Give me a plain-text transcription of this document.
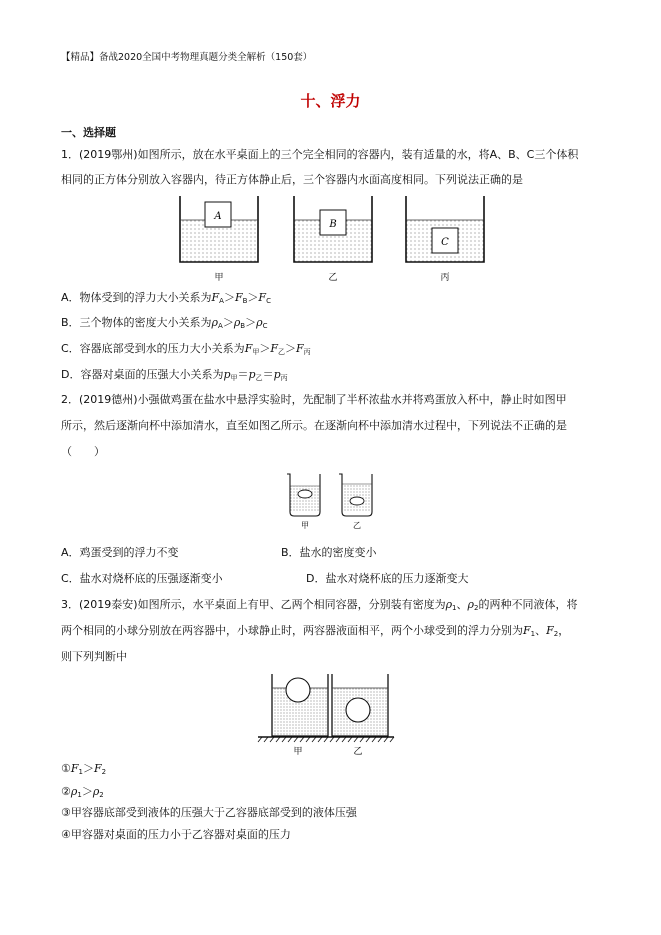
【精品】备战2020全国中考物理真题分类全解析（150套）
十、浮力
一、选择题
1．(2019鄂州)如图所示，放在水平桌面上的三个完全相同的容器内，装有适量的水，将A、B、C三个体积
相同的正方体分别放入容器内，待正方体静止后，三个容器内水面高度相同。下列说法正确的是
A
B
C
甲	乙	丙
A．物体受到的浮力大小关系为$F_A>F_B>F_C$
B．三个物体的密度大小关系为$\rho_A>\rho_B>\rho_C$
C．容器底部受到水的压力大小关系为$F_甲>F_乙>F_丙$
D．容器对桌面的压强大小关系为$p_甲=p_乙=p_丙$
2．(2019德州)小强做鸡蛋在盐水中悬浮实验时，先配制了半杯浓盐水并将鸡蛋放入杯中，静止时如图甲
所示，然后逐渐向杯中添加清水，直至如图乙所示。在逐渐向杯中添加清水过程中，下列说法不正确的是
（　　）
甲	乙
A．鸡蛋受到的浮力不变	B．盐水的密度变小
C．盐水对烧杯底的压强逐渐变小	D．盐水对烧杯底的压力逐渐变大
3．(2019泰安)如图所示，水平桌面上有甲、乙两个相同容器，分别装有密度为$\rho_1$、$\rho_2$的两种不同液体，将
两个相同的小球分别放在两容器中，小球静止时，两容器液面相平，两个小球受到的浮力分别为$F_1$、$F_2$，
则下列判断中
甲	乙
$①F_1>F_2$
$②\rho_1>\rho_2$
③甲容器底部受到液体的压强大于乙容器底部受到的液体压强
④甲容器对桌面的压力小于乙容器对桌面的压力
